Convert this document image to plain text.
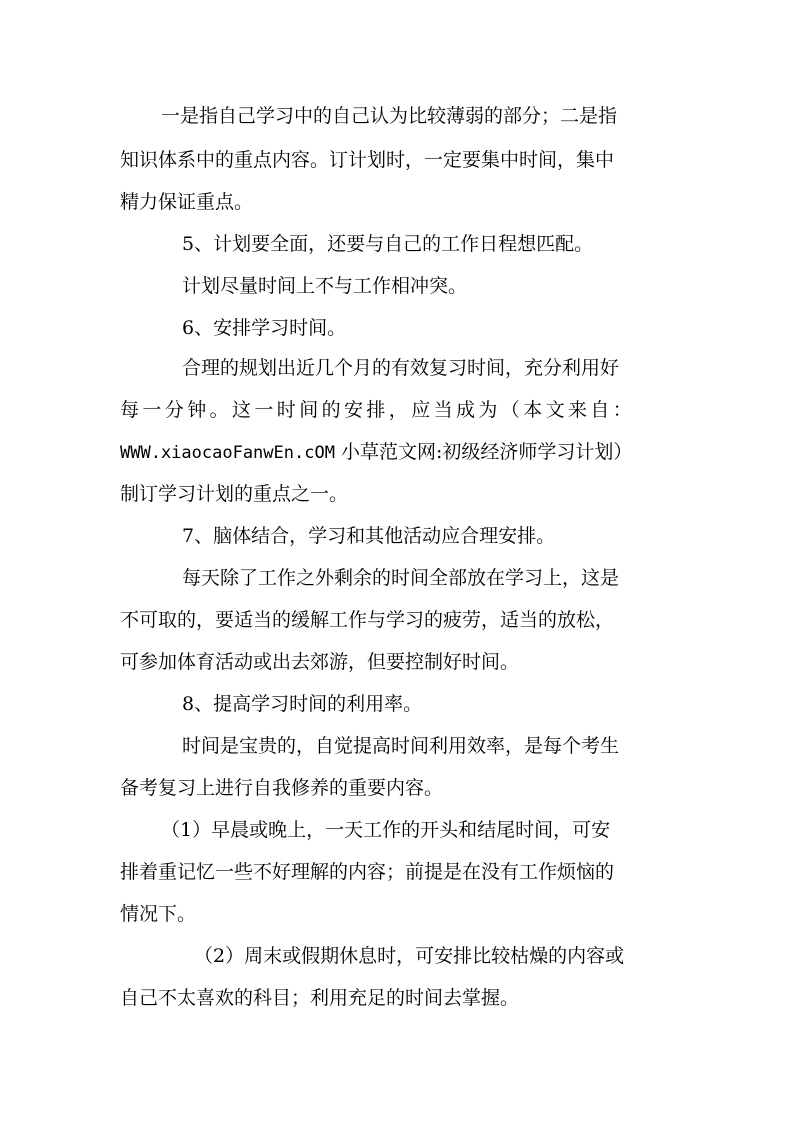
一是指自己学习中的自己认为比较薄弱的部分；二是指
知识体系中的重点内容。订计划时，一定要集中时间，集中
精力保证重点。
5、计划要全面，还要与自己的工作日程想匹配。
计划尽量时间上不与工作相冲突。
6、安排学习时间。
合理的规划出近几个月的有效复习时间，充分利用好
每一分钟。这一时间的安排，应当成为（本文来自：
WWW.xiaocaoFanwEn.cOM 小草范文网:初级经济师学习计划）
制订学习计划的重点之一。
7、脑体结合，学习和其他活动应合理安排。
每天除了工作之外剩余的时间全部放在学习上，这是
不可取的，要适当的缓解工作与学习的疲劳，适当的放松，
可参加体育活动或出去郊游，但要控制好时间。
8、提高学习时间的利用率。
时间是宝贵的，自觉提高时间利用效率，是每个考生
备考复习上进行自我修养的重要内容。
（1）早晨或晚上，一天工作的开头和结尾时间，可安
排着重记忆一些不好理解的内容；前提是在没有工作烦恼的
情况下。
（2）周末或假期休息时，可安排比较枯燥的内容或
自己不太喜欢的科目；利用充足的时间去掌握。
